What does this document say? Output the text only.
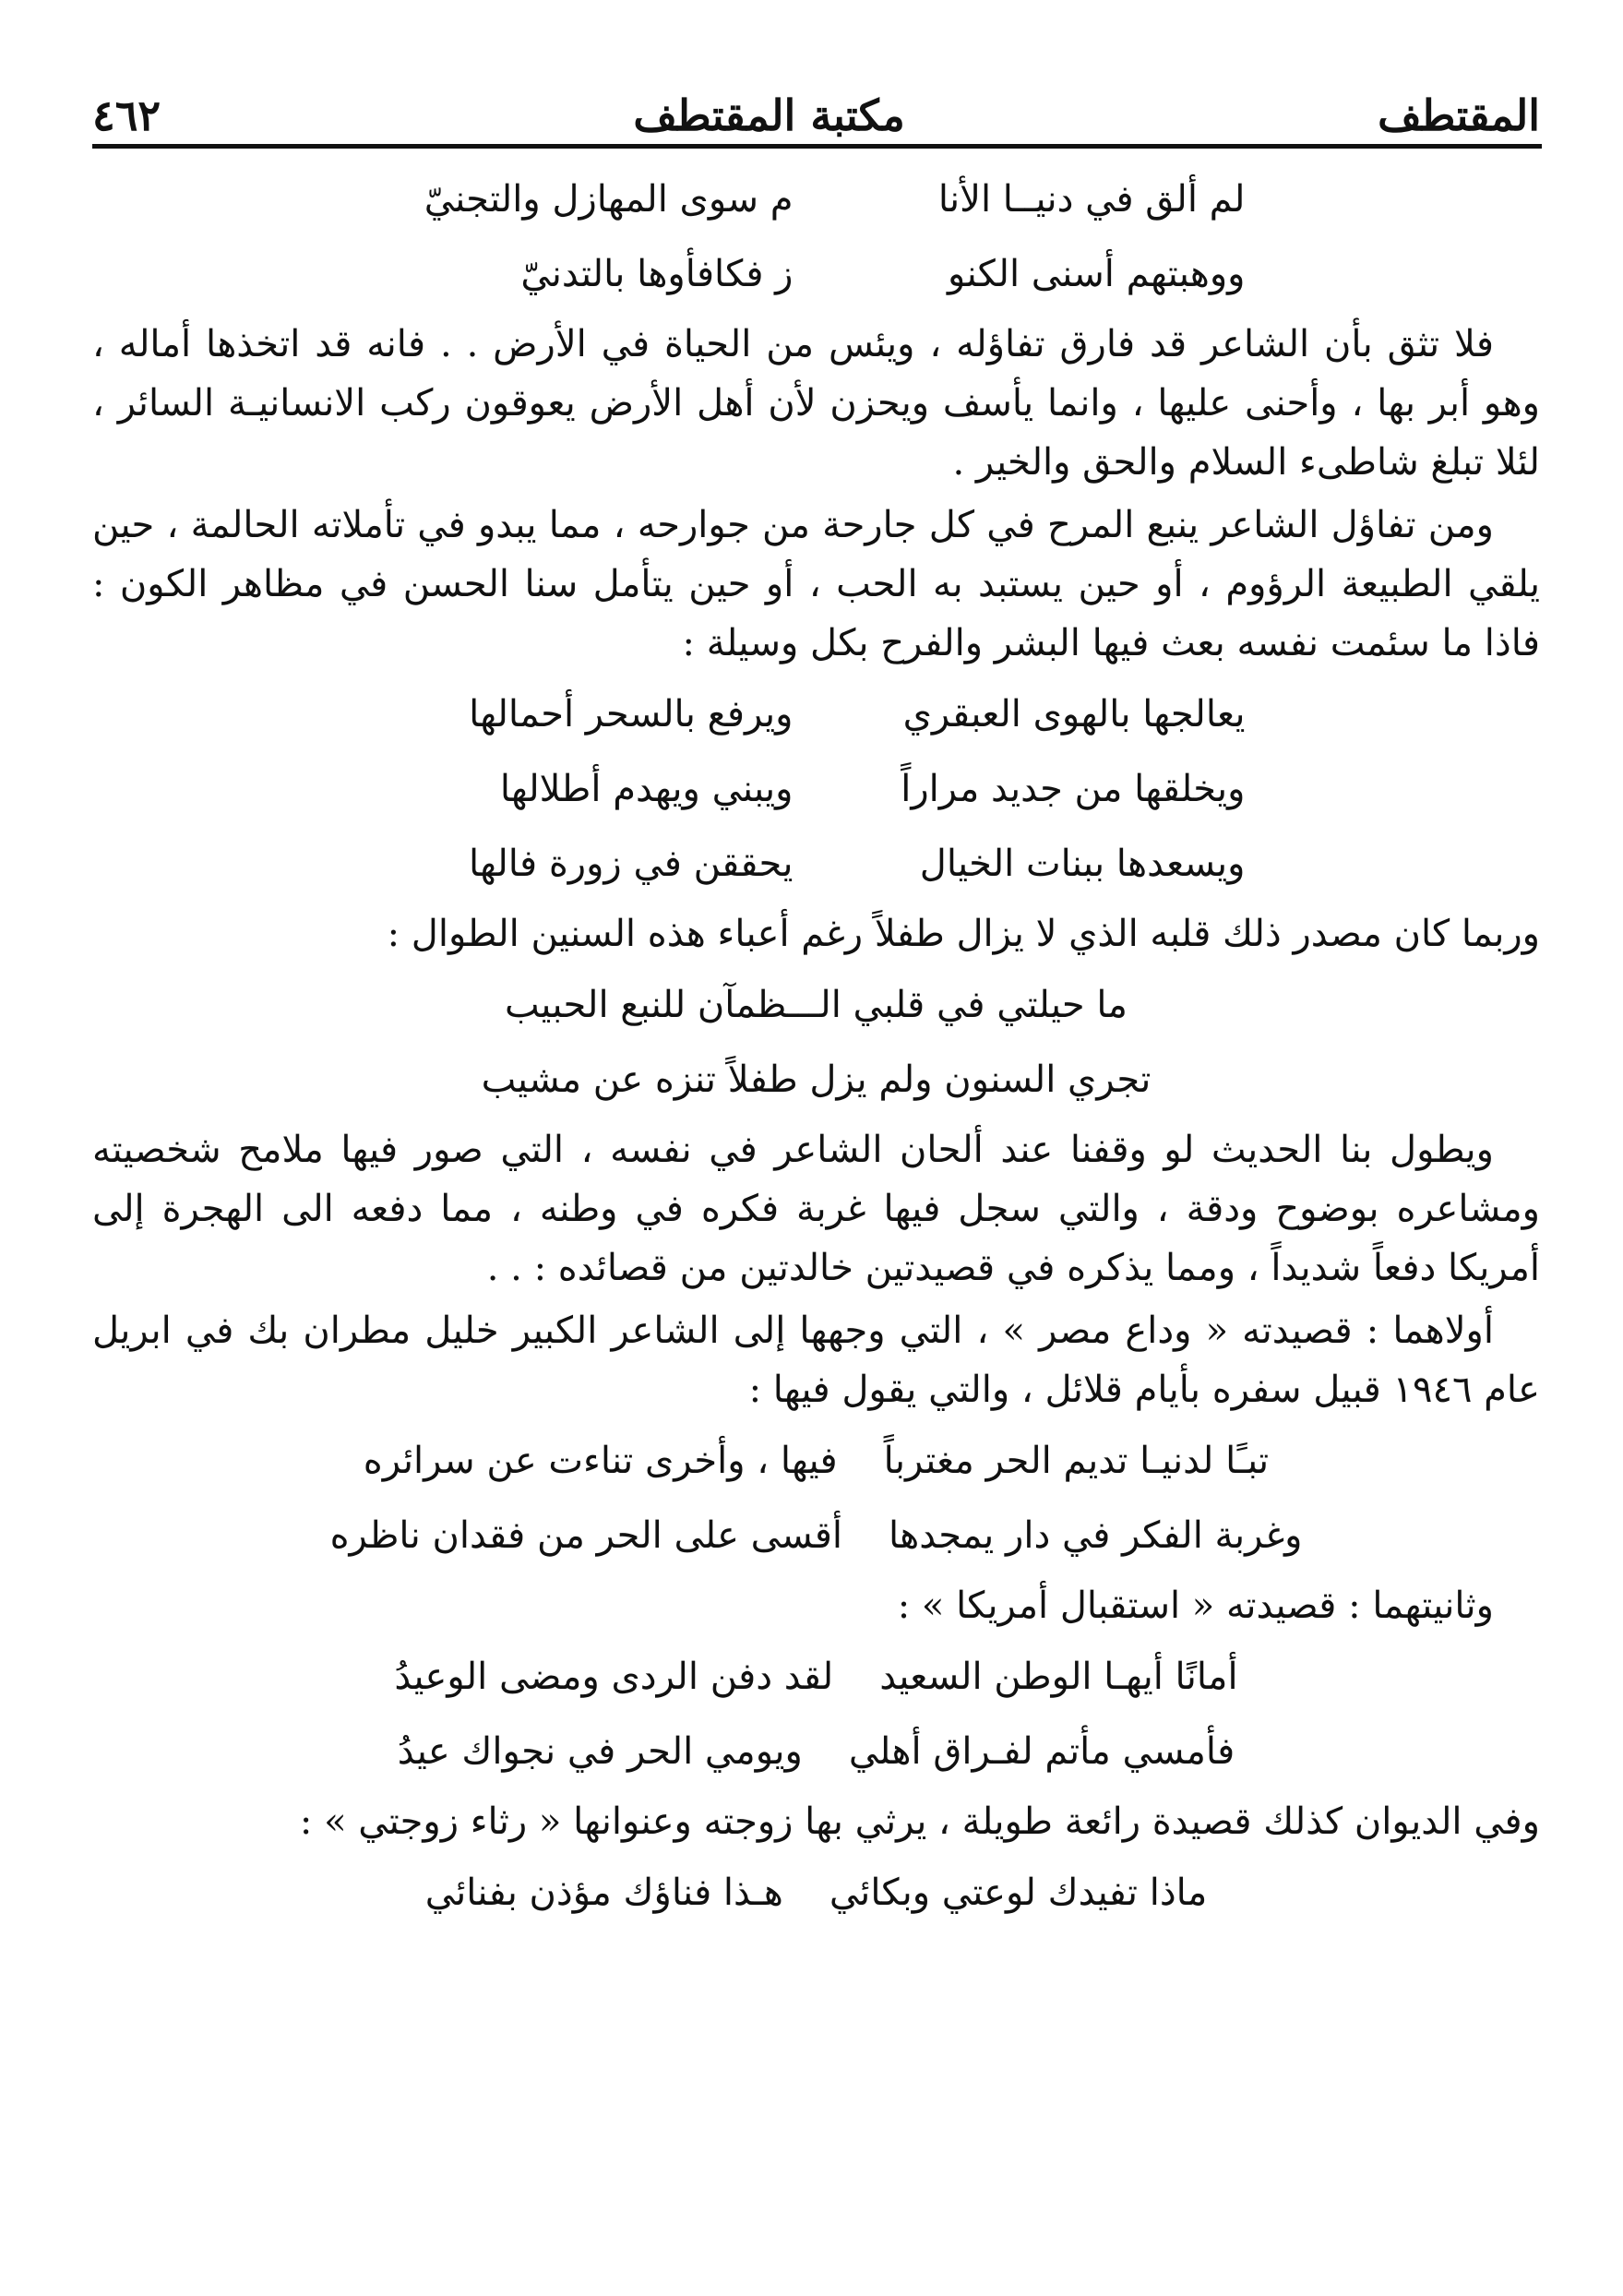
٤٦٢	مكتبة المقتطف	المقتطف
لم ألق في دنيــا الأنا
م سوى المهازل والتجنيّ
ووهبتهم أسنى الكنو
ز فكافأوها بالتدنيّ

فلا تثق بأن الشاعر قد فارق تفاؤله ، ويئس من الحياة في الأرض . . فانه قد اتخذها أماله ، وهو أبر بها ، وأحنى عليها ، وانما يأسف ويحزن لأن أهل الأرض يعوقون ركب الانسانيـة السائر ، لئلا تبلغ شاطىء السلام والحق والخير .

ومن تفاؤل الشاعر ينبع المرح في كل جارحة من جوارحه ، مما يبدو في تأملاته الحالمة ، حين يلقي الطبيعة الرؤوم ، أو حين يستبد به الحب ، أو حين يتأمل سنا الحسن في مظاهر الكون : فاذا ما سئمت نفسه بعث فيها البشر والفرح بكل وسيلة :

يعالجها بالهوى العبقري
ويرفع بالسحر أحمالها
ويخلقها من جديد مراراً
ويبني ويهدم أطلالها
ويسعدها ببنات الخيال
يحققن في زورة فالها

وربما كان مصدر ذلك قلبه الذي لا يزال طفلاً رغم أعباء هذه السنين الطوال :

ما حيلتي في قلبي الـــظمآن للنبع الحبيب
تجري السنون ولم يزل طفلاً تنزه عن مشيب

ويطول بنا الحديث لو وقفنا عند ألحان الشاعر في نفسه ، التي صور فيها ملامح شخصيته ومشاعره بوضوح ودقة ، والتي سجل فيها غربة فكره في وطنه ، مما دفعه الى الهجرة إلى أمريكا دفعاً شديداً ، ومما يذكره في قصيدتين خالدتين من قصائده : . .

أولاهما : قصيدته « وداع مصر » ، التي وجهها إلى الشاعر الكبير خليل مطران بك في ابريل عام ١٩٤٦ قبيل سفره بأيام قلائل ، والتي يقول فيها :

تبـًا لدنيـا تديم الحر مغترباً
فيها ، وأخرى تناءت عن سرائره
وغربة الفكر في دار يمجدها
أقسى على الحر من فقدان ناظره

وثانيتهما : قصيدته « استقبال أمريكا » :

أمانًا أيهـا الوطن السعيد
لقد دفن الردى ومضى الوعيدُ
فأمسي مأتم لفـراق أهلي
ويومي الحر في نجواك عيدُ

وفي الديوان كذلك قصيدة رائعة طويلة ، يرثي بها زوجته وعنوانها « رثاء زوجتي » :

ماذا تفيدك لوعتي وبكائي
هـذا فناؤك مؤذن بفنائي
